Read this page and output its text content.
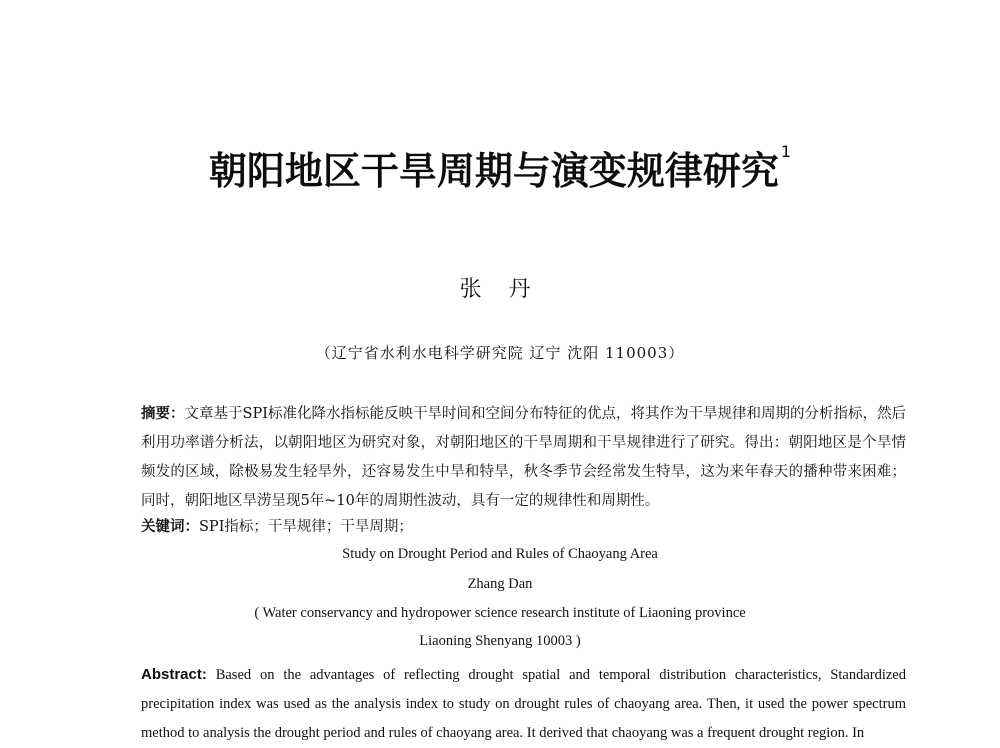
朝阳地区干旱周期与演变规律研究 $^1$
张 丹
（辽宁省水利水电科学研究院 辽宁 沈阳 110003）
摘要：文章基于SPI标准化降水指标能反映干旱时间和空间分布特征的优点，将其作为干旱规律和周期的分析指标，然后利用功率谱分析法，以朝阳地区为研究对象，对朝阳地区的干旱周期和干旱规律进行了研究。得出：朝阳地区是个旱情频发的区域，除极易发生轻旱外，还容易发生中旱和特旱，秋冬季节会经常发生特旱，这为来年春天的播种带来困难；同时，朝阳地区旱涝呈现5年~10年的周期性波动，具有一定的规律性和周期性。
关键词：SPI指标；干旱规律；干旱周期；
Study on Drought Period and Rules of Chaoyang Area
Zhang Dan
( Water conservancy and hydropower science research institute of Liaoning province
Liaoning Shenyang 10003 )
Abstract: Based on the advantages of reflecting drought spatial and temporal distribution characteristics, Standardized precipitation index was used as the analysis index to study on drought rules of chaoyang area. Then, it used the power spectrum method to analysis the drought period and rules of chaoyang area. It derived that chaoyang was a frequent drought region. In
